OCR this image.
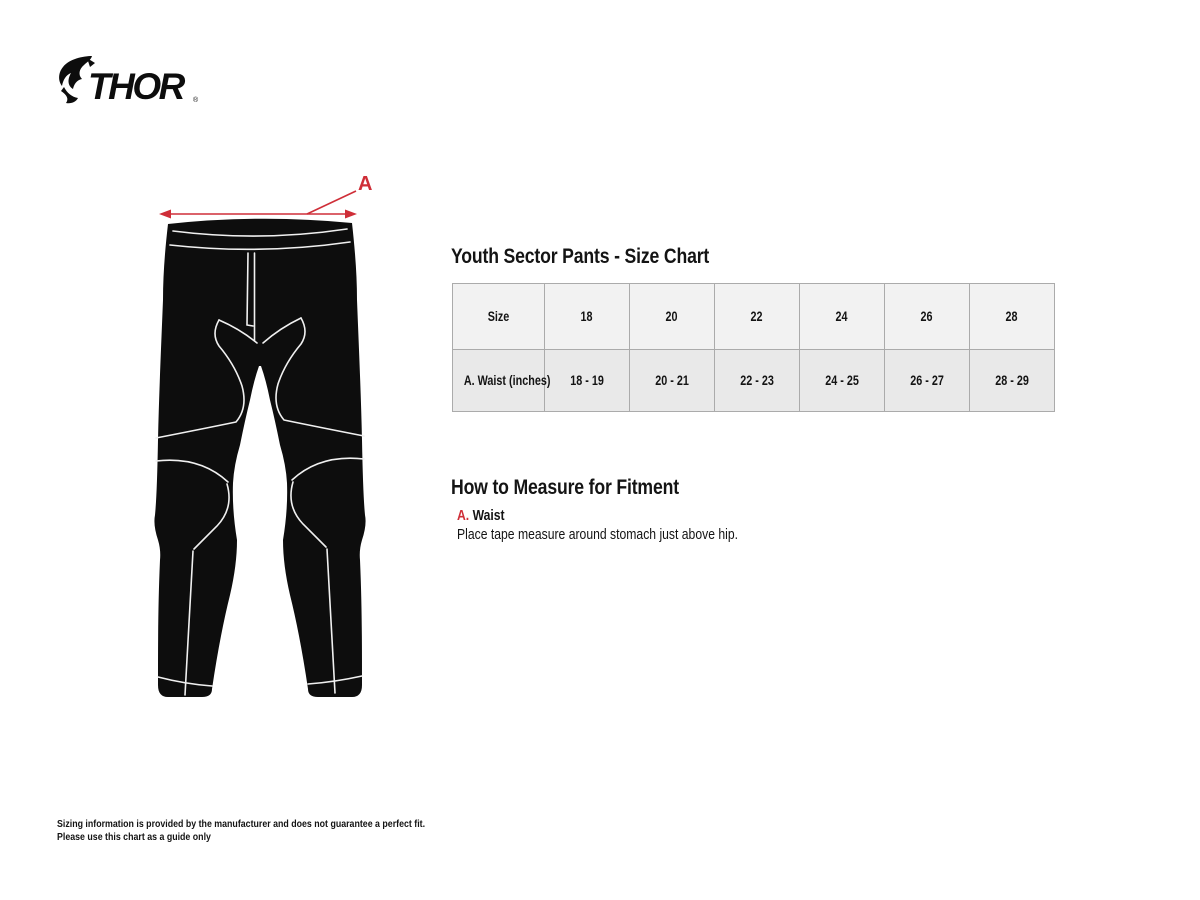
THOR	®
A
Youth Sector Pants - Size Chart
Size	18	20	22	24	26	28
A. Waist (inches)	18 - 19	20 - 21	22 - 23	24 - 25	26 - 27	28 - 29
How to Measure for Fitment
A. Waist
Place tape measure around stomach just above hip.
Sizing information is provided by the manufacturer and does not guarantee a perfect fit.
Please use this chart as a guide only
